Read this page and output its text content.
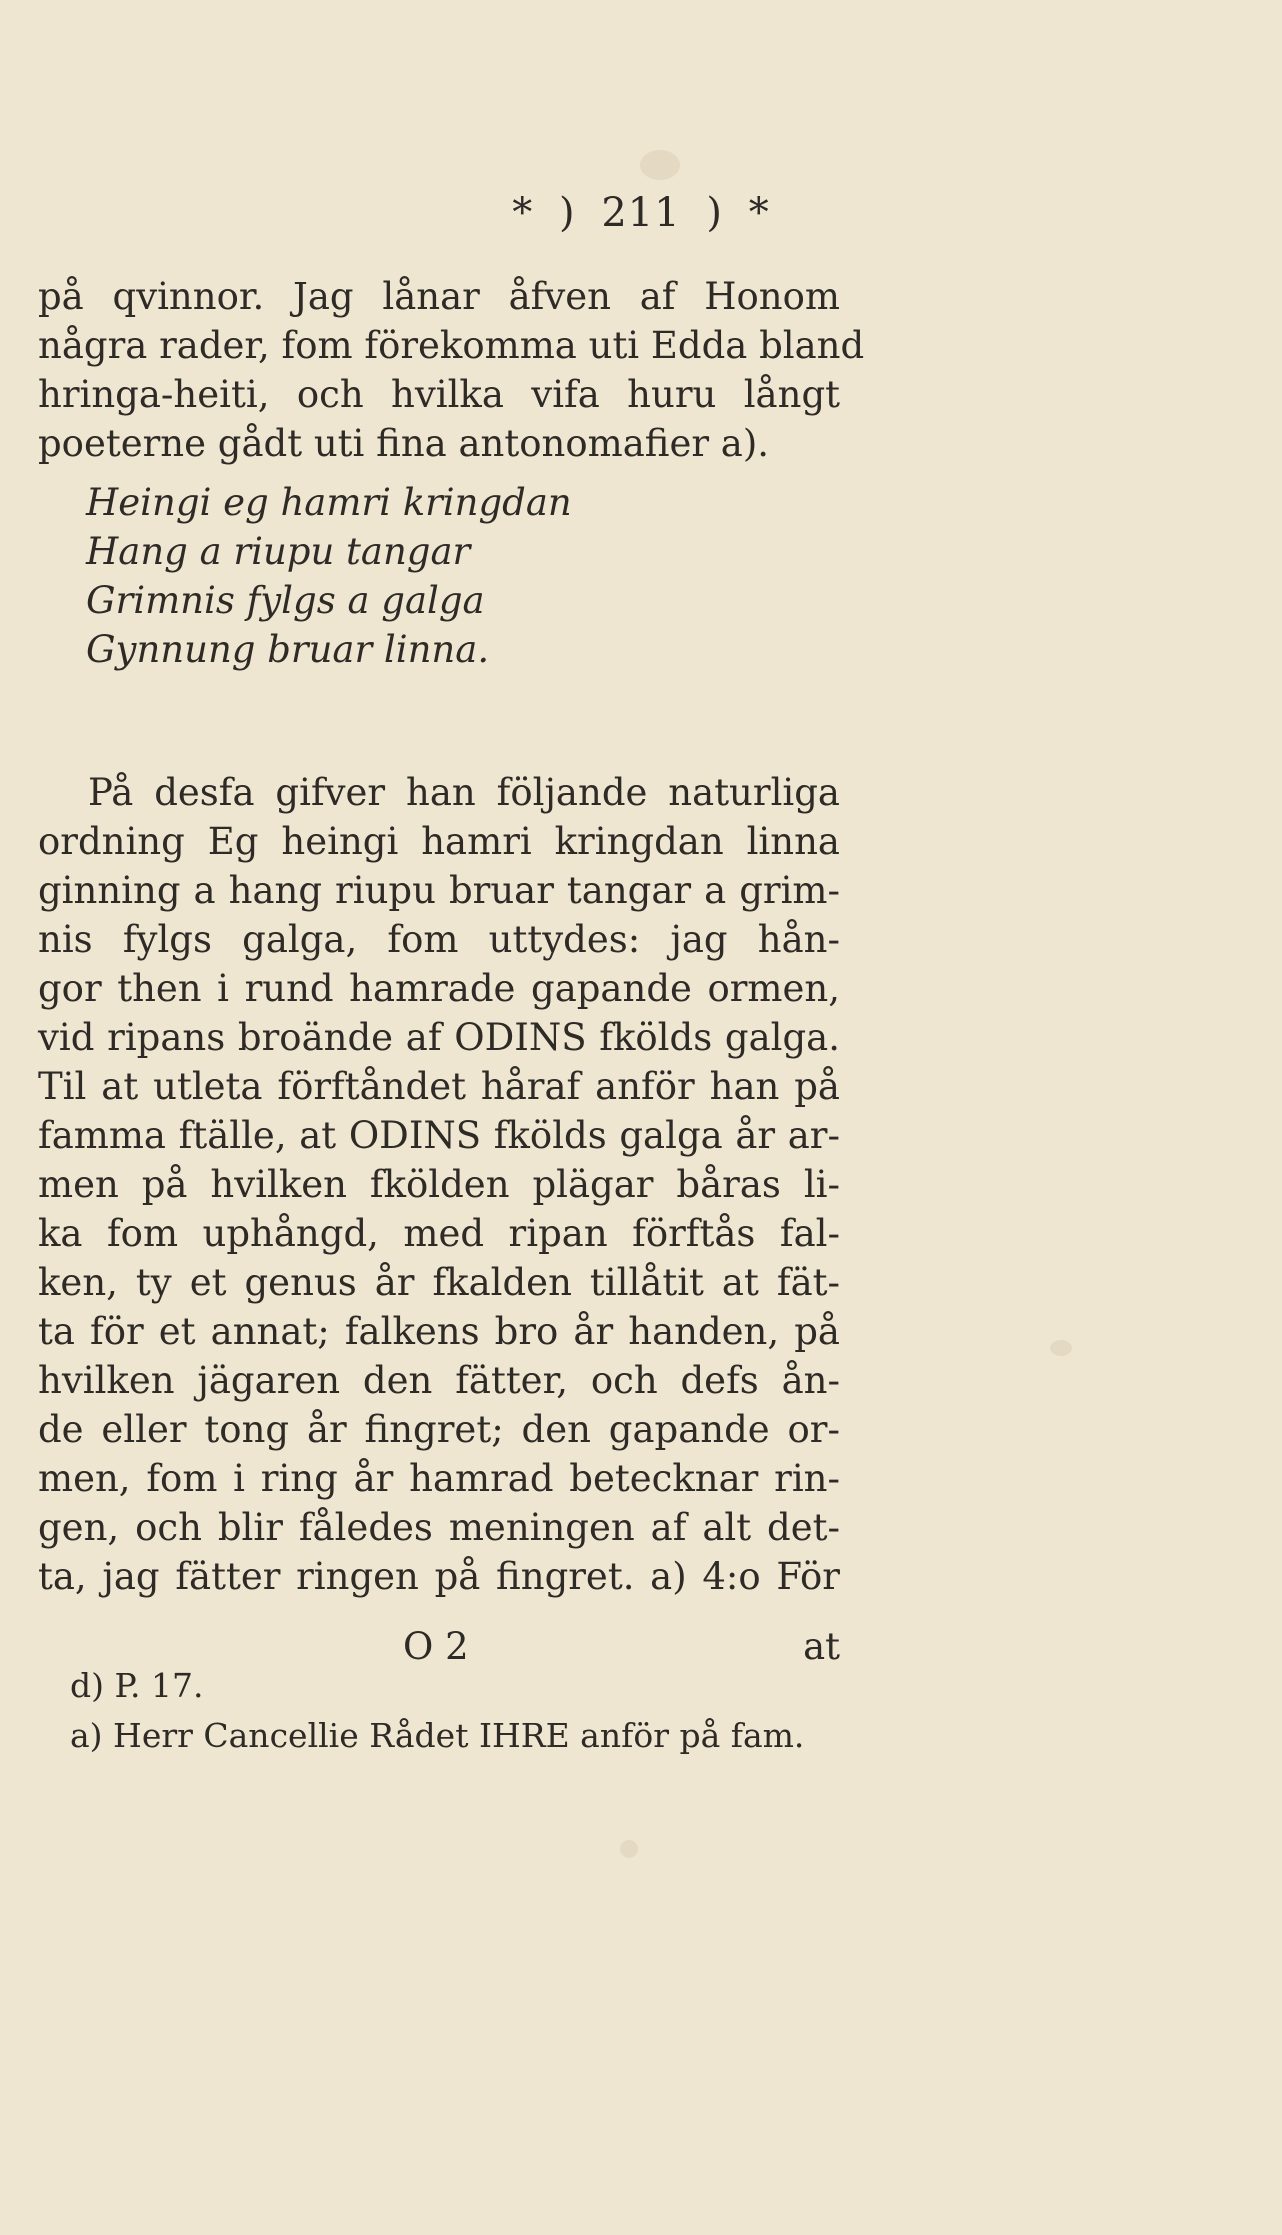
* ) 211 ) *
på qvinnor. Jag lånar åfven af Honom
några rader, fom förekomma uti Edda bland
hringa-heiti, och hvilka vifa huru långt
poeterne gådt uti fina antonomafier a).
Heingi eg hamri kringdan
Hang a riupu tangar
Grimnis fylgs a galga
Gynnung bruar linna.
På desfa gifver han följande naturliga
ordning Eg heingi hamri kringdan linna
ginning a hang riupu bruar tangar a grim-
nis fylgs galga, fom uttydes: jag hån-
gor then i rund hamrade gapande ormen,
vid ripans broände af ODINS fkölds galga.
Til at utleta förftåndet håraf anför han på
famma ftälle, at ODINS fkölds galga år ar-
men på hvilken fkölden plägar båras li-
ka fom uphångd, med ripan förftås fal-
ken, ty et genus år fkalden tillåtit at fät-
ta för et annat; falkens bro år handen, på
hvilken jägaren den fätter, och defs ån-
de eller tong år fingret; den gapande or-
men, fom i ring år hamrad betecknar rin-
gen, och blir fåledes meningen af alt det-
ta, jag fätter ringen på fingret. a) 4:o För
O 2	at
d) P. 17.
a) Herr Cancellie Rådet IHRE anför på fam.
